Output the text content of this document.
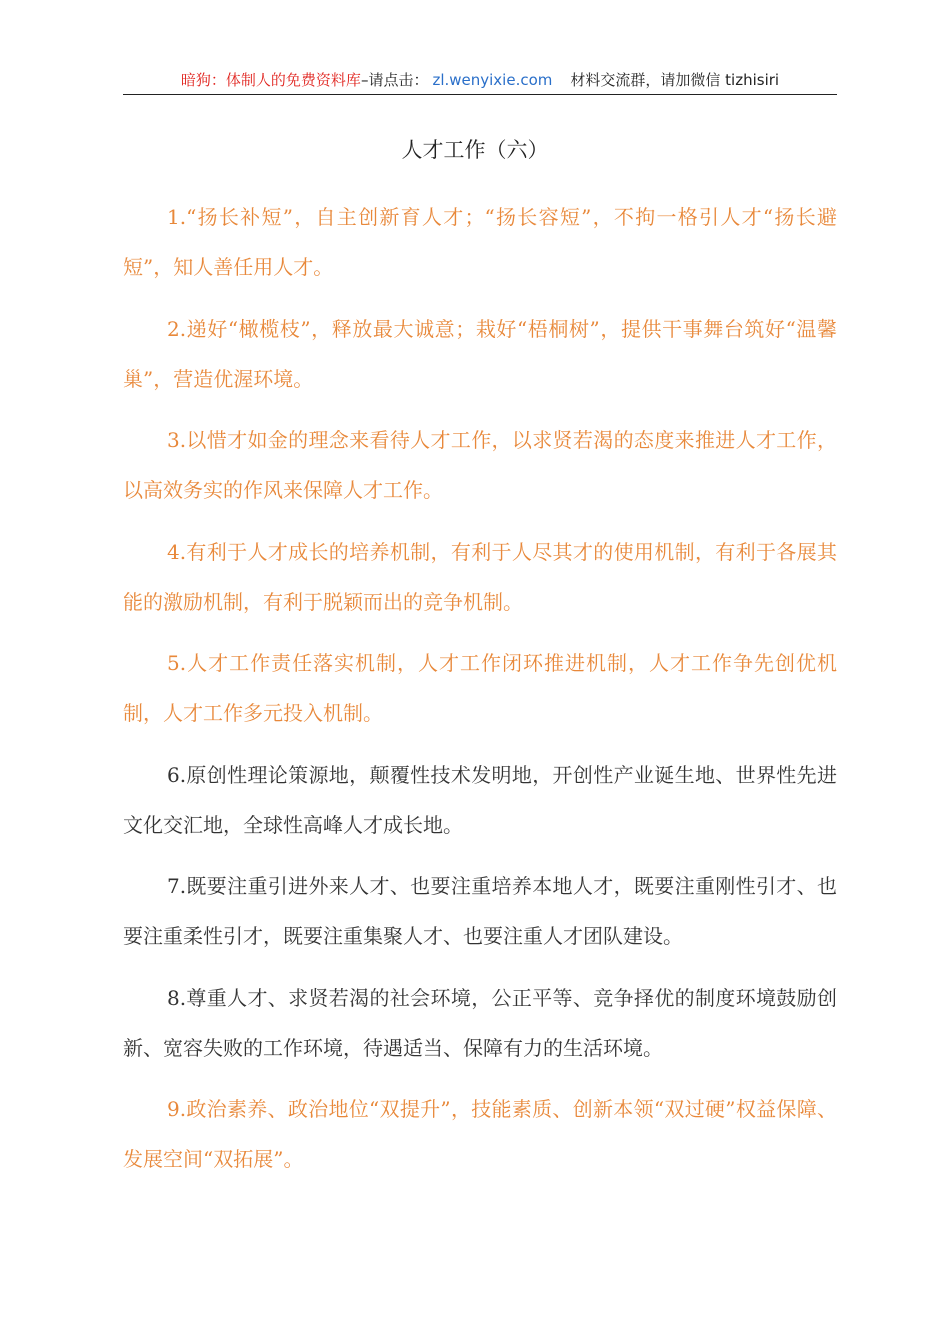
暗狗：体制人的免费资料库–请点击： zl.wenyixie.com 材料交流群，请加微信 tizhisiri
人才工作（六）

1.“扬长补短”，自主创新育人才；“扬长容短”，不拘一格引人才“扬长避短”，知人善任用人才。

2.递好“橄榄枝”，释放最大诚意；栽好“梧桐树”，提供干事舞台筑好“温馨巢”，营造优渥环境。

3.以惜才如金的理念来看待人才工作，以求贤若渴的态度来推进人才工作，以高效务实的作风来保障人才工作。

4.有利于人才成长的培养机制，有利于人尽其才的使用机制，有利于各展其能的激励机制，有利于脱颖而出的竞争机制。

5.人才工作责任落实机制，人才工作闭环推进机制，人才工作争先创优机制，人才工作多元投入机制。

6.原创性理论策源地，颠覆性技术发明地，开创性产业诞生地、世界性先进文化交汇地，全球性高峰人才成长地。

7.既要注重引进外来人才、也要注重培养本地人才，既要注重刚性引才、也要注重柔性引才，既要注重集聚人才、也要注重人才团队建设。

8.尊重人才、求贤若渴的社会环境，公正平等、竞争择优的制度环境鼓励创新、宽容失败的工作环境，待遇适当、保障有力的生活环境。

9.政治素养、政治地位“双提升”，技能素质、创新本领“双过硬”权益保障、发展空间“双拓展”。
